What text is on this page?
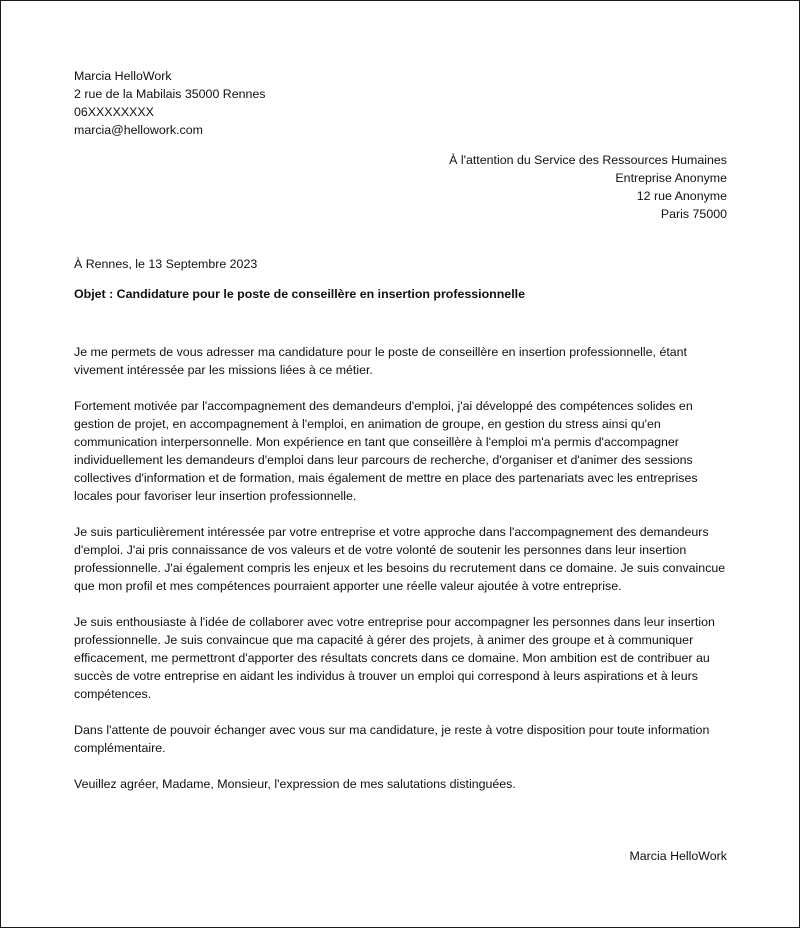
Marcia HelloWork
2 rue de la Mabilais 35000 Rennes
06XXXXXXXX
marcia@hellowork.com
À l'attention du Service des Ressources Humaines
Entreprise Anonyme
12 rue Anonyme
Paris 75000
À Rennes, le 13 Septembre 2023
Objet : Candidature pour le poste de conseillère en insertion professionnelle

Je me permets de vous adresser ma candidature pour le poste de conseillère en insertion professionnelle, étant vivement intéressée par les missions liées à ce métier.

Fortement motivée par l'accompagnement des demandeurs d'emploi, j'ai développé des compétences solides en gestion de projet, en accompagnement à l'emploi, en animation de groupe, en gestion du stress ainsi qu'en communication interpersonnelle. Mon expérience en tant que conseillère à l'emploi m'a permis d'accompagner individuellement les demandeurs d'emploi dans leur parcours de recherche, d'organiser et d'animer des sessions collectives d'information et de formation, mais également de mettre en place des partenariats avec les entreprises locales pour favoriser leur insertion professionnelle.

Je suis particulièrement intéressée par votre entreprise et votre approche dans l'accompagnement des demandeurs d'emploi. J'ai pris connaissance de vos valeurs et de votre volonté de soutenir les personnes dans leur insertion professionnelle. J'ai également compris les enjeux et les besoins du recrutement dans ce domaine. Je suis convaincue que mon profil et mes compétences pourraient apporter une réelle valeur ajoutée à votre entreprise.

Je suis enthousiaste à l'idée de collaborer avec votre entreprise pour accompagner les personnes dans leur insertion professionnelle. Je suis convaincue que ma capacité à gérer des projets, à animer des groupe et à communiquer efficacement, me permettront d'apporter des résultats concrets dans ce domaine. Mon ambition est de contribuer au succès de votre entreprise en aidant les individus à trouver un emploi qui correspond à leurs aspirations et à leurs compétences.

Dans l'attente de pouvoir échanger avec vous sur ma candidature, je reste à votre disposition pour toute information complémentaire.

Veuillez agréer, Madame, Monsieur, l'expression de mes salutations distinguées.

Marcia HelloWork
